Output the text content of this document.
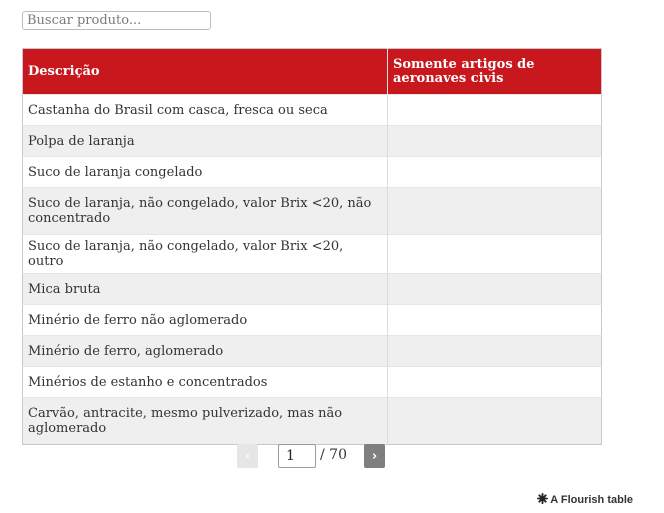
Buscar produto...
Descrição	Somente artigos de aeronaves civis
Castanha do Brasil com casca, fresca ou seca	
Polpa de laranja	
Suco de laranja congelado	
Suco de laranja, não congelado, valor Brix <20, não concentrado	
Suco de laranja, não congelado, valor Brix <20, outro	
Mica bruta	
Minério de ferro não aglomerado	
Minério de ferro, aglomerado	
Minérios de estanho e concentrados	
Carvão, antracite, mesmo pulverizado, mas não aglomerado	
‹
1	/ 70	›
A Flourish table
